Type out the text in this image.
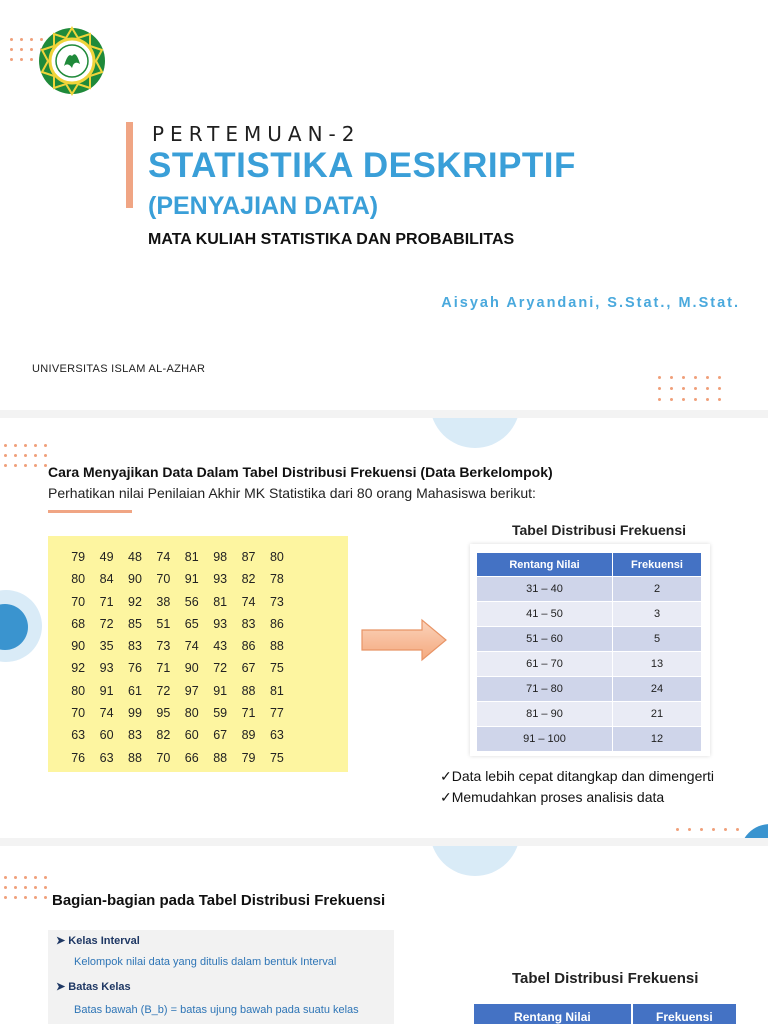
PERTEMUAN-2
STATISTIKA DESKRIPTIF
(PENYAJIAN DATA)
MATA KULIAH STATISTIKA DAN PROBABILITAS
Aisyah Aryandani, S.Stat., M.Stat.
UNIVERSITAS ISLAM AL-AZHAR
Cara Menyajikan Data Dalam Tabel Distribusi Frekuensi (Data Berkelompok)
Perhatikan nilai Penilaian Akhir MK Statistika dari 80 orang Mahasiswa berikut:
79	49	48	74	81	98	87	80
80	84	90	70	91	93	82	78
70	71	92	38	56	81	74	73
68	72	85	51	65	93	83	86
90	35	83	73	74	43	86	88
92	93	76	71	90	72	67	75
80	91	61	72	97	91	88	81
70	74	99	95	80	59	71	77
63	60	83	82	60	67	89	63
76	63	88	70	66	88	79	75
Tabel Distribusi Frekuensi
Rentang Nilai	Frekuensi
31 – 40	2
41 – 50	3
51 – 60	5
61 – 70	13
71 – 80	24
81 – 90	21
91 – 100	12
✓Data lebih cepat ditangkap dan dimengerti
✓Memudahkan proses analisis data
Bagian-bagian pada Tabel Distribusi Frekuensi
➤ Kelas Interval
Kelompok nilai data yang ditulis dalam bentuk Interval
➤ Batas Kelas
Batas bawah (B_b) = batas ujung bawah pada suatu kelas
Tabel Distribusi Frekuensi
Rentang Nilai	Frekuensi
